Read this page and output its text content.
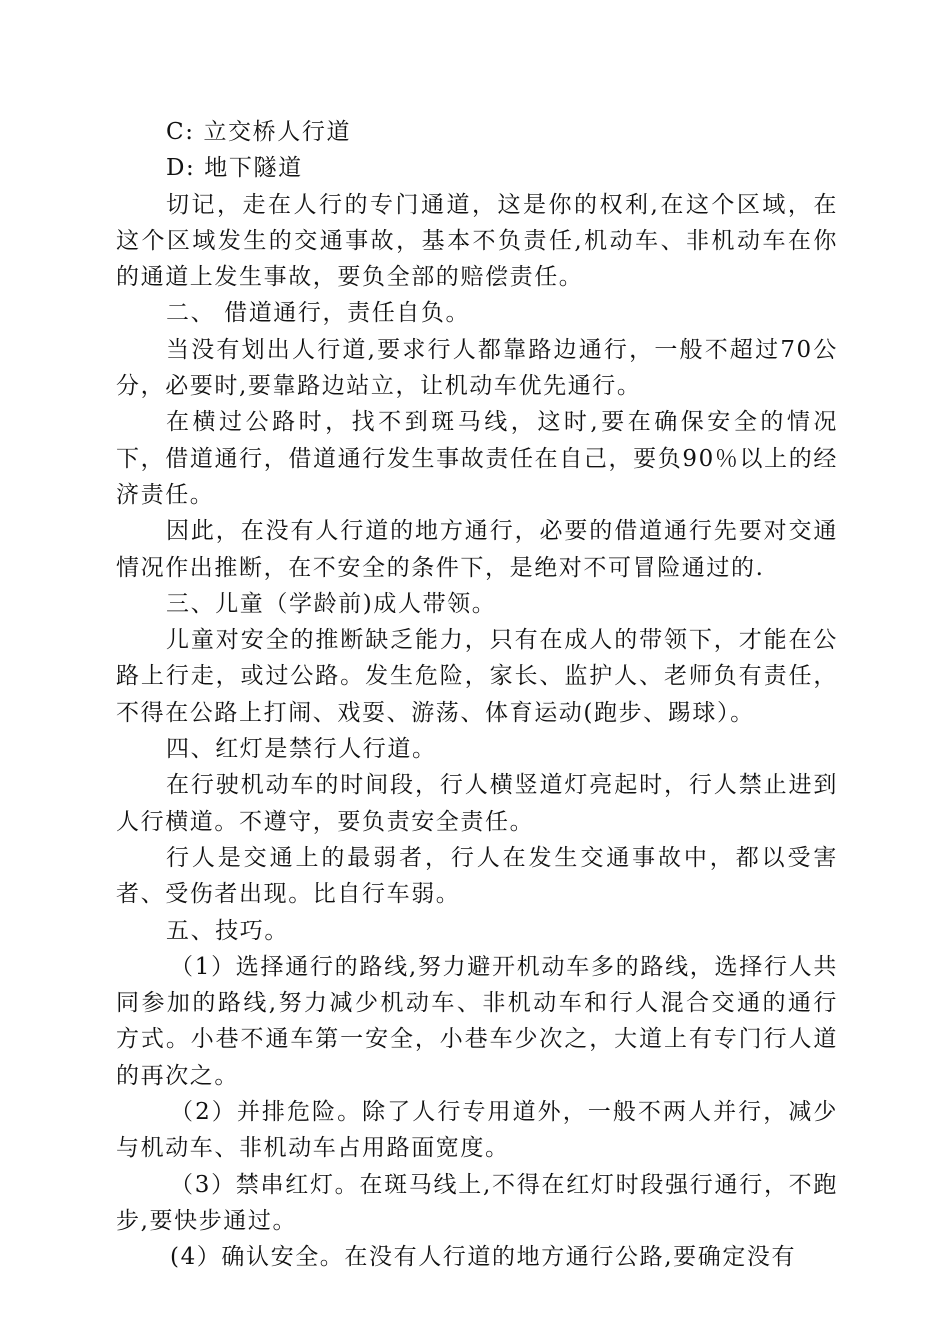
C: 立交桥人行道

D: 地下隧道

切记，走在人行的专门通道，这是你的权利,在这个区域，在这个区域发生的交通事故，基本不负责任,机动车、非机动车在你的通道上发生事故，要负全部的赔偿责任。

二、 借道通行，责任自负。

当没有划出人行道,要求行人都靠路边通行，一般不超过70公分，必要时,要靠路边站立，让机动车优先通行。

在横过公路时，找不到斑马线，这时,要在确保安全的情况下，借道通行，借道通行发生事故责任在自己，要负90％以上的经济责任。

因此，在没有人行道的地方通行，必要的借道通行先要对交通情况作出推断，在不安全的条件下，是绝对不可冒险通过的.

三、儿童（学龄前)成人带领。

儿童对安全的推断缺乏能力，只有在成人的带领下，才能在公路上行走，或过公路。发生危险，家长、监护人、老师负有责任，不得在公路上打闹、戏耍、游荡、体育运动(跑步、踢球）。

四、红灯是禁行人行道。

在行驶机动车的时间段，行人横竖道灯亮起时，行人禁止进到人行横道。不遵守，要负责安全责任。

行人是交通上的最弱者，行人在发生交通事故中，都以受害者、受伤者出现。比自行车弱。

五、技巧。

（1）选择通行的路线,努力避开机动车多的路线，选择行人共同参加的路线,努力减少机动车、非机动车和行人混合交通的通行方式。小巷不通车第一安全，小巷车少次之，大道上有专门行人道的再次之。

（2）并排危险。除了人行专用道外，一般不两人并行，减少与机动车、非机动车占用路面宽度。

（3）禁串红灯。在斑马线上,不得在红灯时段强行通行，不跑步,要快步通过。

(4）确认安全。在没有人行道的地方通行公路,要确定没有
